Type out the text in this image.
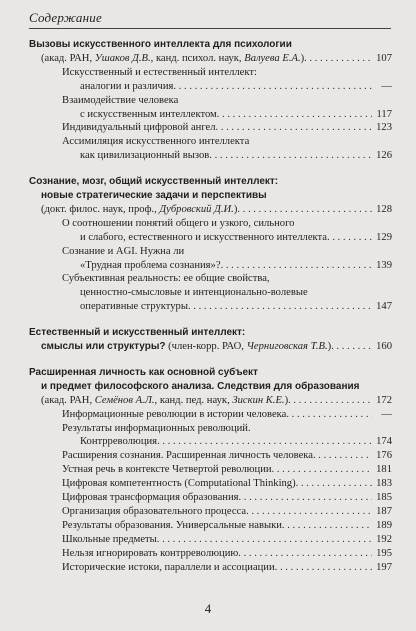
Содержание
Вызовы искусственного интеллекта для психологии
(акад. РАН, Ушаков Д.В., канд. психол. наук, Валуева Е.А.) . . .	107
Искусственный и естественный интеллект:
аналогии и различия . . .	—
Взаимодействие человека
с искусственным интеллектом . . .	117
Индивидуальный цифровой ангел . . .	123
Ассимиляция искусственного интеллекта
как цивилизационный вызов . . .	126
Сознание, мозг, общий искусственный интеллект:
новые стратегические задачи и перспективы
(докт. филос. наук, проф., Дубровский Д.И.) . . .	128
О соотношении понятий общего и узкого, сильного
и слабого, естественного и искусственного интеллекта . . .	129
Сознание и AGI. Нужна ли
«Трудная проблема сознания»? . . .	139
Субъективная реальность: ее общие свойства,
ценностно-смысловые и интенционально-волевые
оперативные структуры . . .	147
Естественный и искусственный интеллект:
смыслы или структуры? (член-корр. РАО, Черниговская Т.В.) . . .	160
Расширенная личность как основной субъект
и предмет философского анализа. Следствия для образования
(акад. РАН, Семёнов А.Л., канд. пед. наук, Зискин К.Е.) . . .	172
Информационные революции в истории человека . . .	—
Результаты информационных революций.
Контрреволюция . . .	174
Расширения сознания. Расширенная личность человека . . .	176
Устная речь в контексте Четвертой революции . . .	181
Цифровая компетентность (Computational Thinking) . . .	183
Цифровая трансформация образования . . .	185
Организация образовательного процесса . . .	187
Результаты образования. Универсальные навыки . . .	189
Школьные предметы . . .	192
Нельзя игнорировать контрреволюцию . . .	195
Исторические истоки, параллели и ассоциации . . .	197
4
